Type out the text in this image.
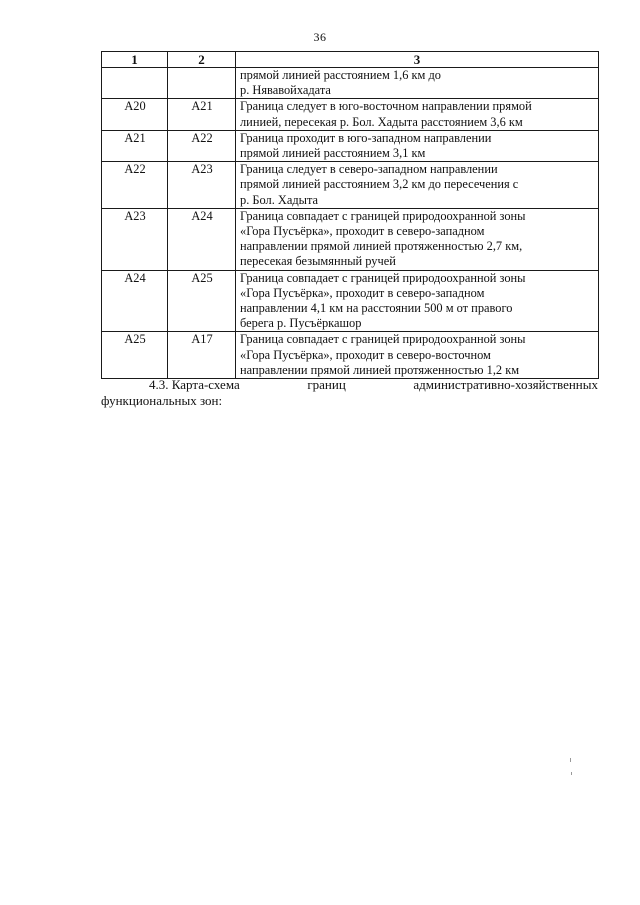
36
1	2	3

		прямой линией расстоянием 1,6 км до
р. Нявавойхадата

А20	А21	Граница следует в юго-восточном направлении прямой
линией, пересекая р. Бол. Хадыта расстоянием 3,6 км

А21	А22	Граница проходит в юго-западном направлении
прямой линией расстоянием 3,1 км

А22	А23	Граница следует в северо-западном направлении
прямой линией расстоянием 3,2 км до пересечения с
р. Бол. Хадыта

А23	А24	Граница совпадает с границей природоохранной зоны
«Гора Пусъёрка», проходит в северо-западном
направлении прямой линией протяженностью 2,7 км,
пересекая безымянный ручей

А24	А25	Граница совпадает с границей природоохранной зоны
«Гора Пусъёрка», проходит в северо-западном
направлении 4,1 км на расстоянии 500 м от правого
берега р. Пусъёркашор

А25	А17	Граница совпадает с границей природоохранной зоны
«Гора Пусъёрка», проходит в северо-восточном
направлении прямой линией протяженностью 1,2 км
4.3. Карта-схема	границ	административно-хозяйственных
функциональных зон:
